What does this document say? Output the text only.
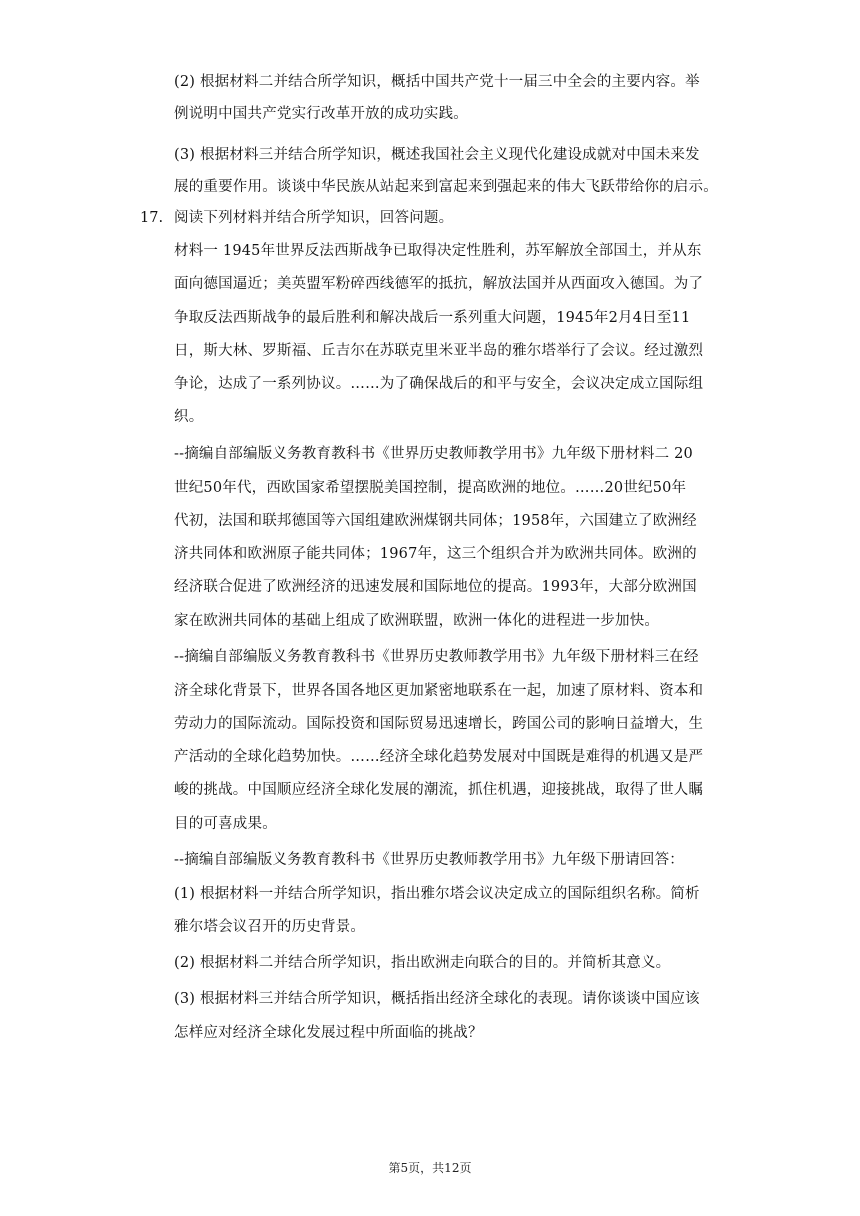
(2) 根据材料二并结合所学知识，概括中国共产党十一届三中全会的主要内容。举
例说明中国共产党实行改革开放的成功实践。
(3) 根据材料三并结合所学知识，概述我国社会主义现代化建设成就对中国未来发
展的重要作用。谈谈中华民族从站起来到富起来到强起来的伟大飞跃带给你的启示。
17. 阅读下列材料并结合所学知识，回答问题。
材料一 1945年世界反法西斯战争已取得决定性胜利，苏军解放全部国土，并从东
面向德国逼近；美英盟军粉碎西线德军的抵抗，解放法国并从西面攻入德国。为了
争取反法西斯战争的最后胜利和解决战后一系列重大问题，1945年2月4日至11
日，斯大林、罗斯福、丘吉尔在苏联克里米亚半岛的雅尔塔举行了会议。经过激烈
争论，达成了一系列协议。……为了确保战后的和平与安全，会议决定成立国际组
织。
--摘编自部编版义务教育教科书《世界历史教师教学用书》九年级下册材料二 20
世纪50年代，西欧国家希望摆脱美国控制，提高欧洲的地位。……20世纪50年
代初，法国和联邦德国等六国组建欧洲煤钢共同体；1958年，六国建立了欧洲经
济共同体和欧洲原子能共同体；1967年，这三个组织合并为欧洲共同体。欧洲的
经济联合促进了欧洲经济的迅速发展和国际地位的提高。1993年，大部分欧洲国
家在欧洲共同体的基础上组成了欧洲联盟，欧洲一体化的进程进一步加快。
--摘编自部编版义务教育教科书《世界历史教师教学用书》九年级下册材料三在经
济全球化背景下，世界各国各地区更加紧密地联系在一起，加速了原材料、资本和
劳动力的国际流动。国际投资和国际贸易迅速增长，跨国公司的影响日益增大，生
产活动的全球化趋势加快。……经济全球化趋势发展对中国既是难得的机遇又是严
峻的挑战。中国顺应经济全球化发展的潮流，抓住机遇，迎接挑战，取得了世人瞩
目的可喜成果。
--摘编自部编版义务教育教科书《世界历史教师教学用书》九年级下册请回答：
(1) 根据材料一并结合所学知识，指出雅尔塔会议决定成立的国际组织名称。简析
雅尔塔会议召开的历史背景。
(2) 根据材料二并结合所学知识，指出欧洲走向联合的目的。并简析其意义。
(3) 根据材料三并结合所学知识，概括指出经济全球化的表现。请你谈谈中国应该
怎样应对经济全球化发展过程中所面临的挑战？
第5页，共12页
